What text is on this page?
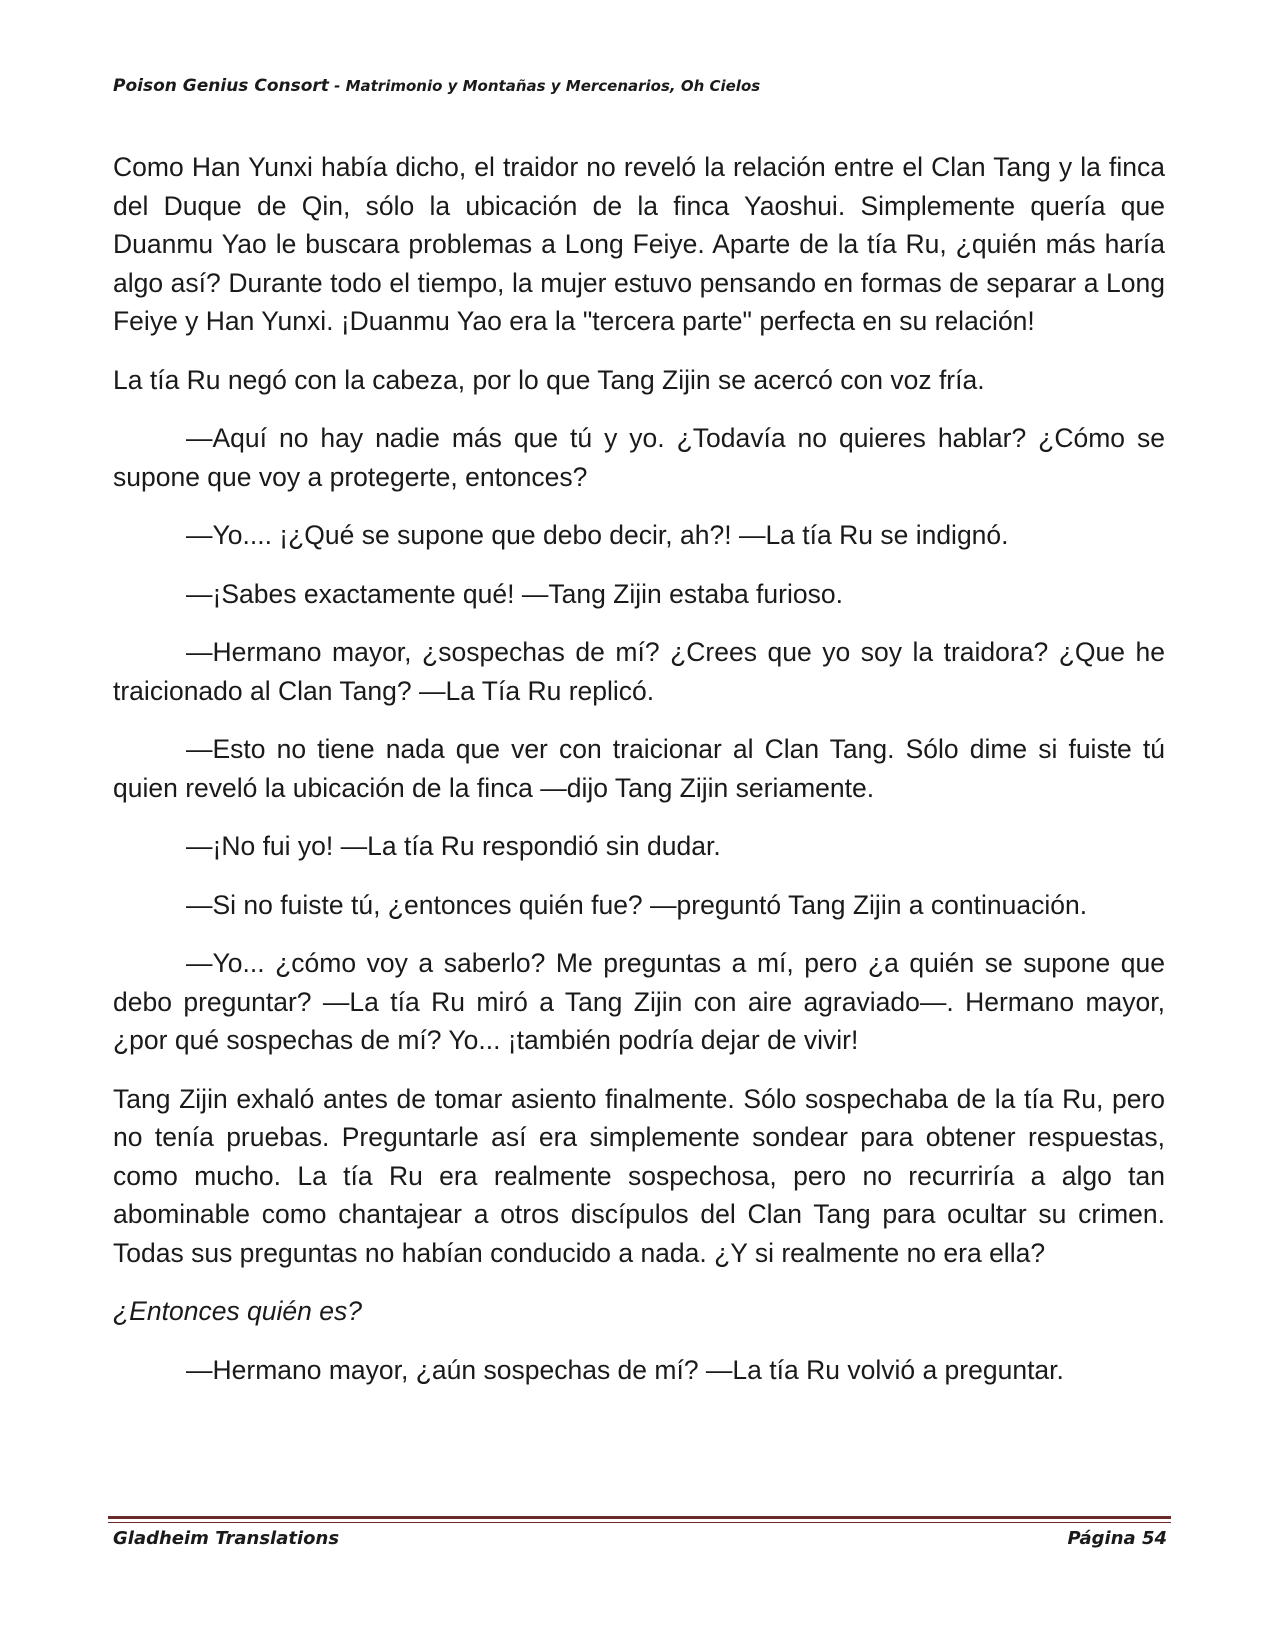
Poison Genius Consort - Matrimonio y Montañas y Mercenarios, Oh Cielos

Como Han Yunxi había dicho, el traidor no reveló la relación entre el Clan Tang y la finca del Duque de Qin, sólo la ubicación de la finca Yaoshui. Simplemente quería que Duanmu Yao le buscara problemas a Long Feiye. Aparte de la tía Ru, ¿quién más haría algo así? Durante todo el tiempo, la mujer estuvo pensando en formas de separar a Long Feiye y Han Yunxi. ¡Duanmu Yao era la "tercera parte" perfecta en su relación!

La tía Ru negó con la cabeza, por lo que Tang Zijin se acercó con voz fría.

—Aquí no hay nadie más que tú y yo. ¿Todavía no quieres hablar? ¿Cómo se supone que voy a protegerte, entonces?

—Yo.... ¡¿Qué se supone que debo decir, ah?! —La tía Ru se indignó.

—¡Sabes exactamente qué! —Tang Zijin estaba furioso.

—Hermano mayor, ¿sospechas de mí? ¿Crees que yo soy la traidora? ¿Que he traicionado al Clan Tang? —La Tía Ru replicó.

—Esto no tiene nada que ver con traicionar al Clan Tang. Sólo dime si fuiste tú quien reveló la ubicación de la finca —dijo Tang Zijin seriamente.

—¡No fui yo! —La tía Ru respondió sin dudar.

—Si no fuiste tú, ¿entonces quién fue? —preguntó Tang Zijin a continuación.

—Yo... ¿cómo voy a saberlo? Me preguntas a mí, pero ¿a quién se supone que debo preguntar? —La tía Ru miró a Tang Zijin con aire agraviado—. Hermano mayor, ¿por qué sospechas de mí? Yo... ¡también podría dejar de vivir!

Tang Zijin exhaló antes de tomar asiento finalmente. Sólo sospechaba de la tía Ru, pero no tenía pruebas. Preguntarle así era simplemente sondear para obtener respuestas, como mucho. La tía Ru era realmente sospechosa, pero no recurriría a algo tan abominable como chantajear a otros discípulos del Clan Tang para ocultar su crimen. Todas sus preguntas no habían conducido a nada. ¿Y si realmente no era ella?

¿Entonces quién es?

—Hermano mayor, ¿aún sospechas de mí? —La tía Ru volvió a preguntar.

Gladheim Translations	Página 54
